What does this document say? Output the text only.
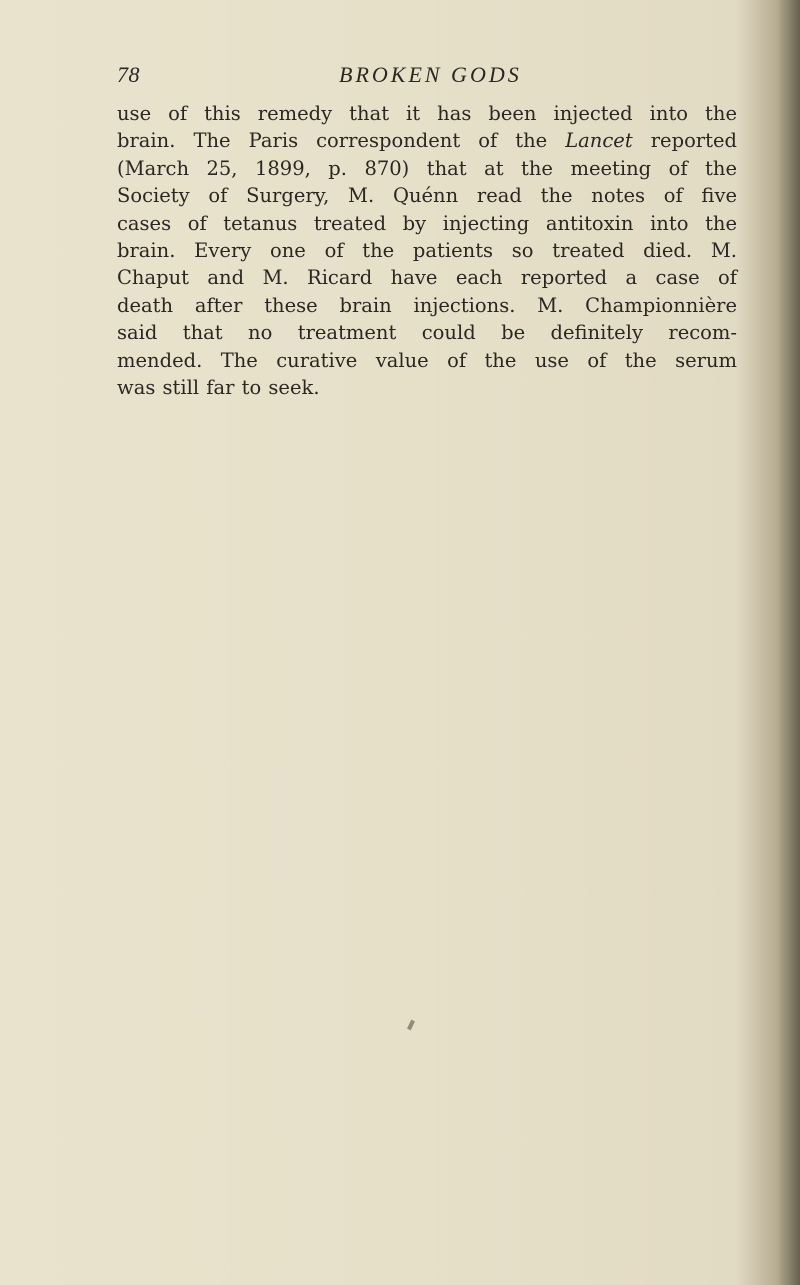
78	BROKEN GODS

use of this remedy that it has been injected into the
brain. The Paris correspondent of the Lancet reported
(March 25, 1899, p. 870) that at the meeting of the
Society of Surgery, M. Quénn read the notes of five
cases of tetanus treated by injecting antitoxin into the
brain. Every one of the patients so treated died. M.
Chaput and M. Ricard have each reported a case of
death after these brain injections. M. Championnière
said that no treatment could be definitely recom-
mended. The curative value of the use of the serum
was still far to seek.
